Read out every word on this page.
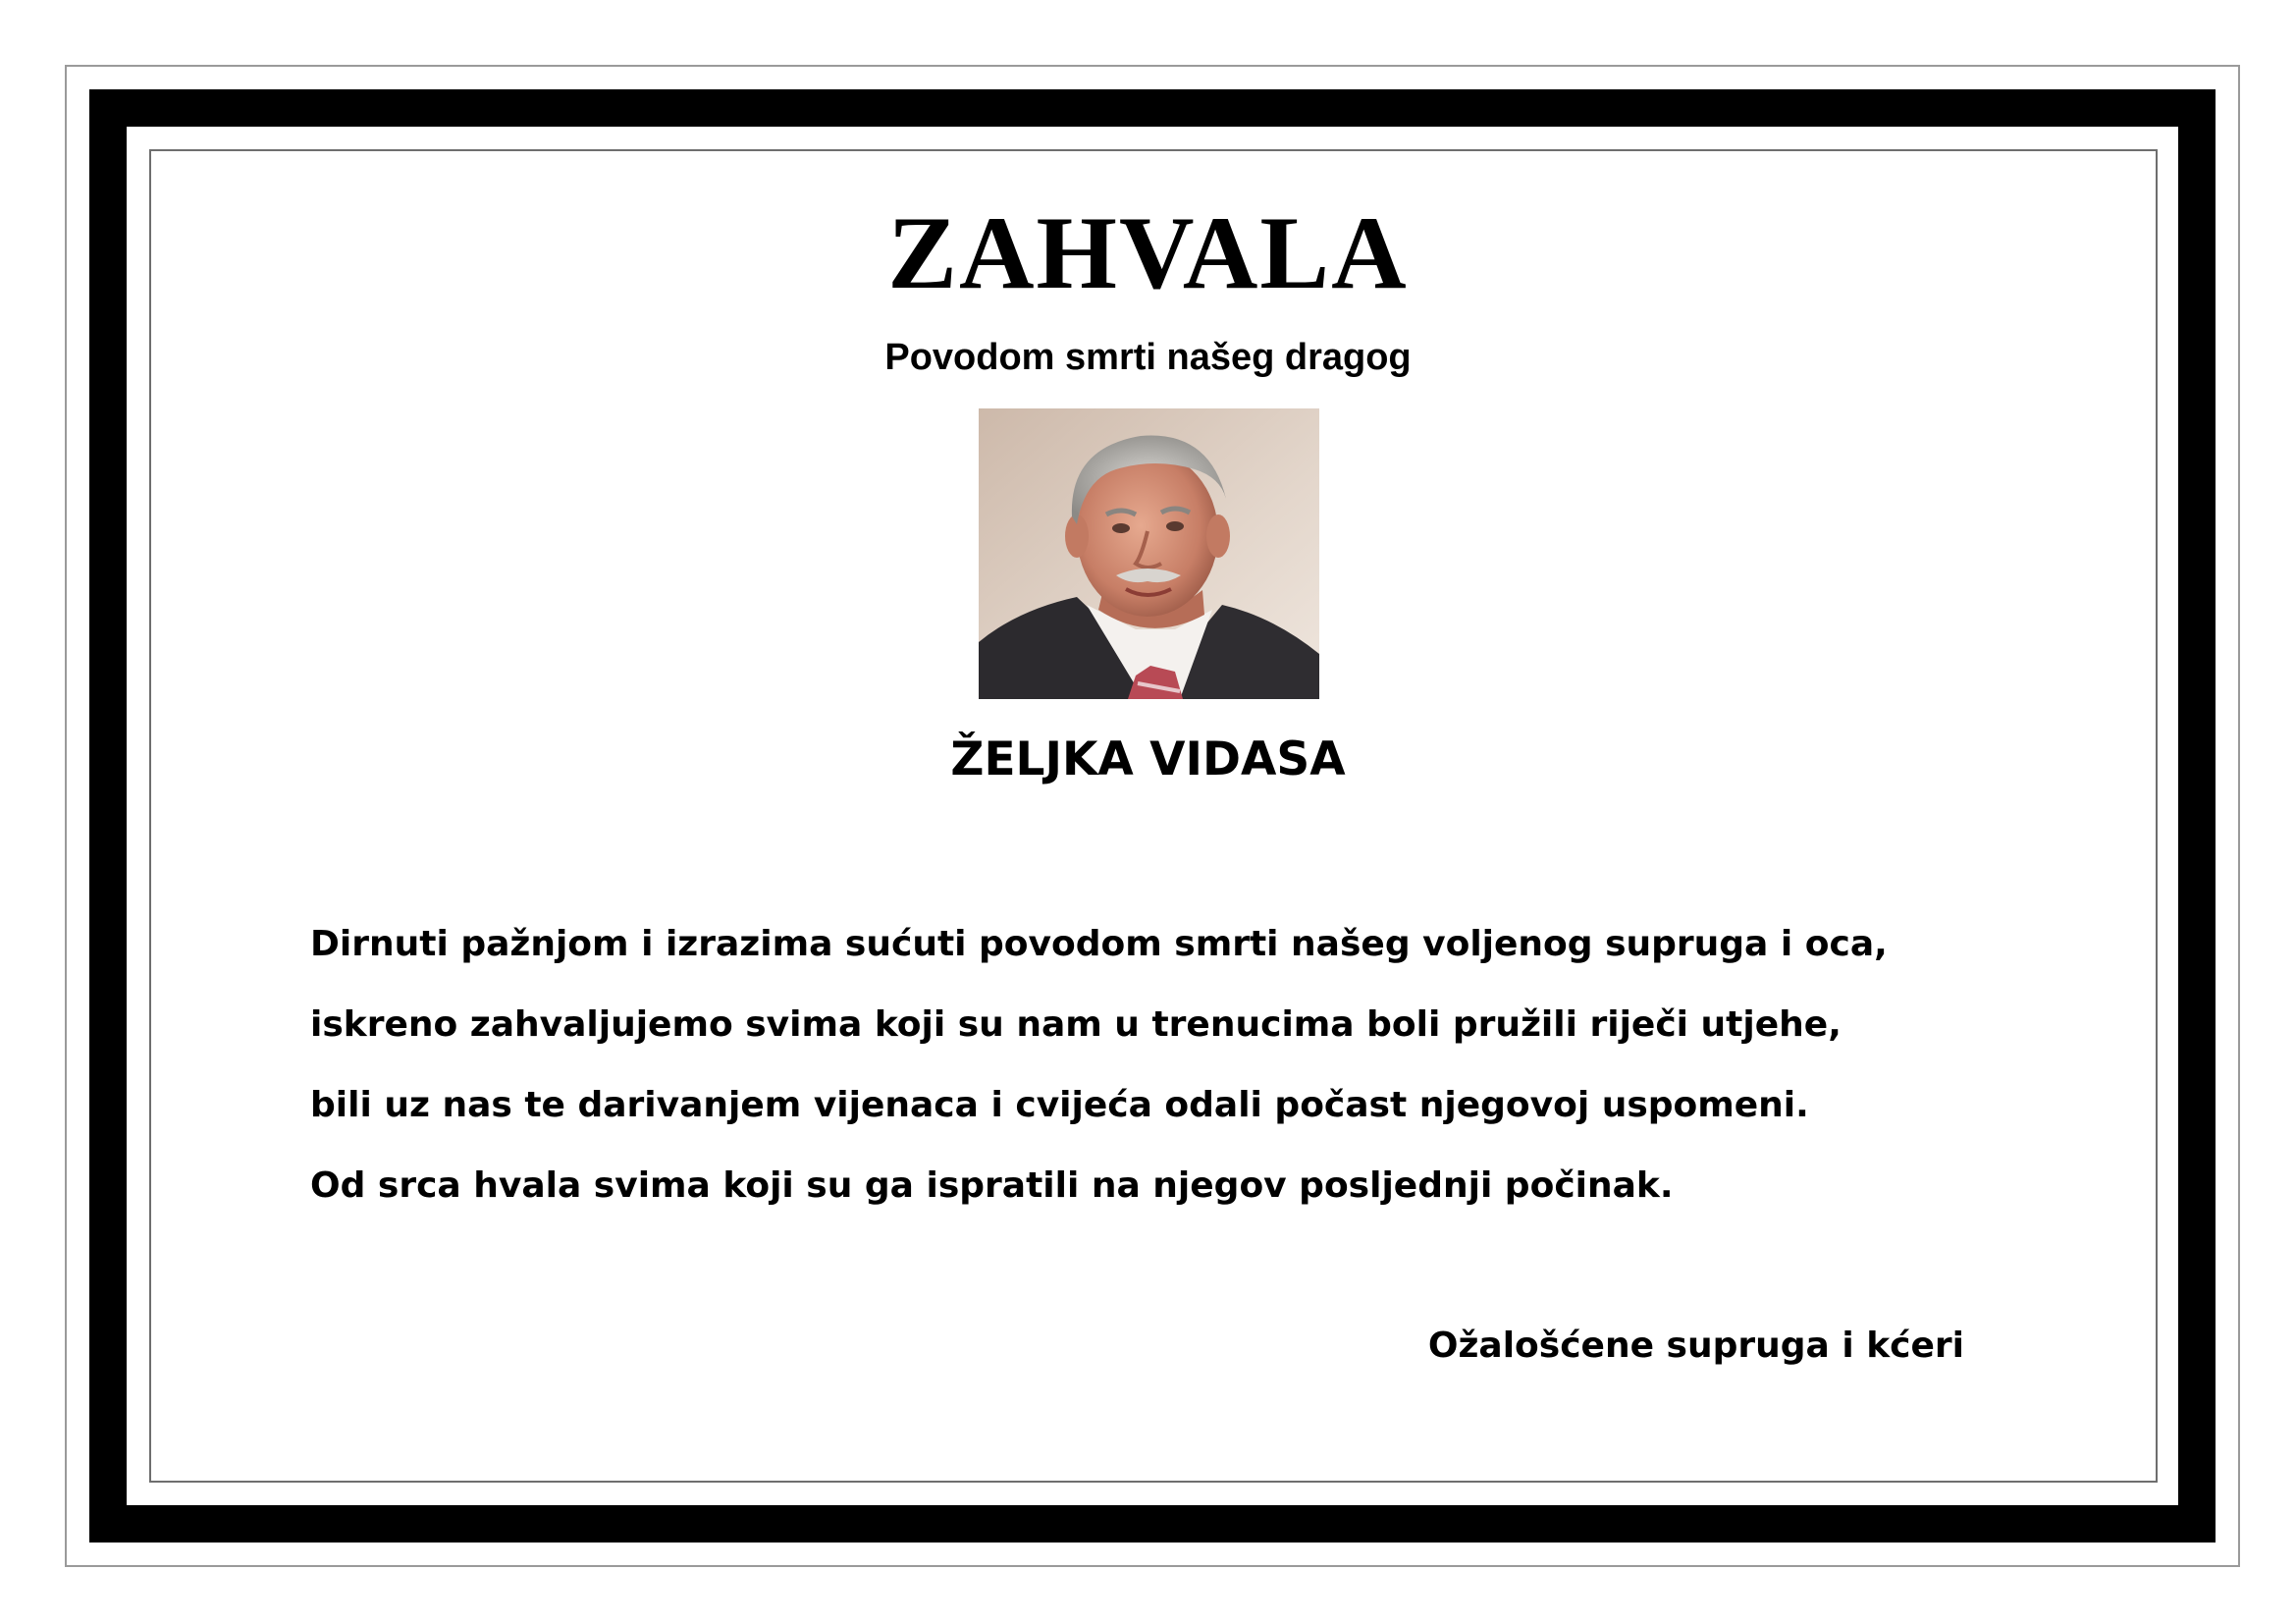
ZAHVALA

Povodom smrti našeg dragog

ŽELJKA VIDASA
Dirnuti pažnjom i izrazima sućuti povodom smrti našeg voljenog supruga i oca,
iskreno zahvaljujemo svima koji su nam u trenucima boli pružili riječi utjehe,
bili uz nas te darivanjem vijenaca i cvijeća odali počast njegovoj uspomeni.
Od srca hvala svima koji su ga ispratili na njegov posljednji počinak.

Ožalošćene supruga i kćeri
